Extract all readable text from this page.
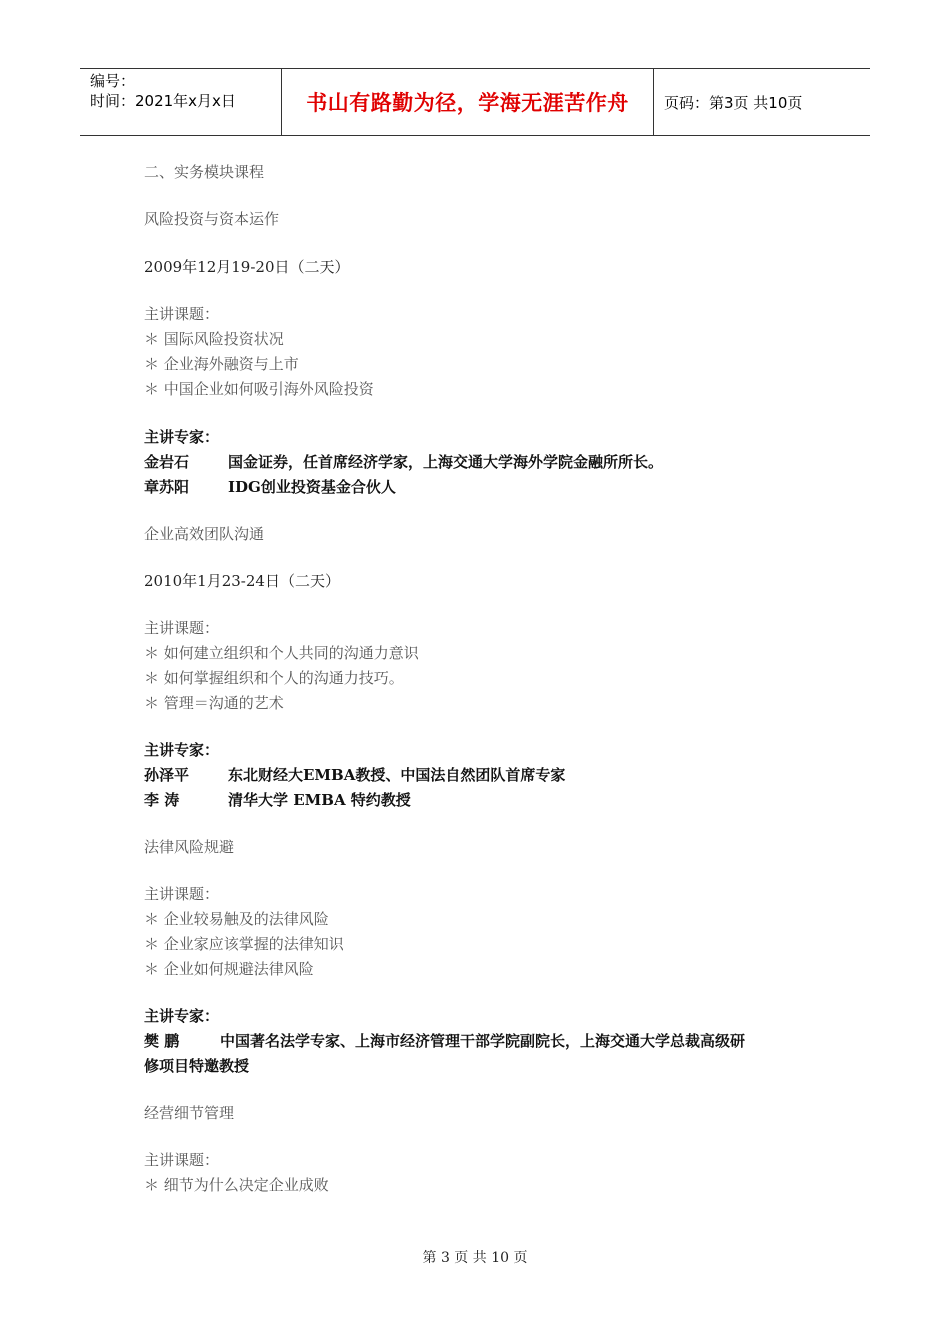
编号：
时间：2021年x月x日	书山有路勤为径，学海无涯苦作舟	页码：第3页 共10页
二、实务模块课程
风险投资与资本运作
2009年12月19-20日（二天）
主讲课题：
＊ 国际风险投资状况
＊ 企业海外融资与上市
＊ 中国企业如何吸引海外风险投资
主讲专家：
金岩石	国金证券，任首席经济学家，上海交通大学海外学院金融所所长。
章苏阳	IDG创业投资基金合伙人
企业高效团队沟通
2010年1月23-24日（二天）
主讲课题：
＊ 如何建立组织和个人共同的沟通力意识
＊ 如何掌握组织和个人的沟通力技巧。
＊ 管理＝沟通的艺术
主讲专家：
孙泽平	东北财经大EMBA教授、中国法自然团队首席专家
李 涛	清华大学 EMBA 特约教授
法律风险规避
主讲课题：
＊ 企业较易触及的法律风险
＊ 企业家应该掌握的法律知识
＊ 企业如何规避法律风险
主讲专家：
樊 鹏	中国著名法学专家、上海市经济管理干部学院副院长，上海交通大学总裁高级研
修项目特邀教授
经营细节管理
主讲课题：
＊ 细节为什么决定企业成败
第 3 页 共 10 页
